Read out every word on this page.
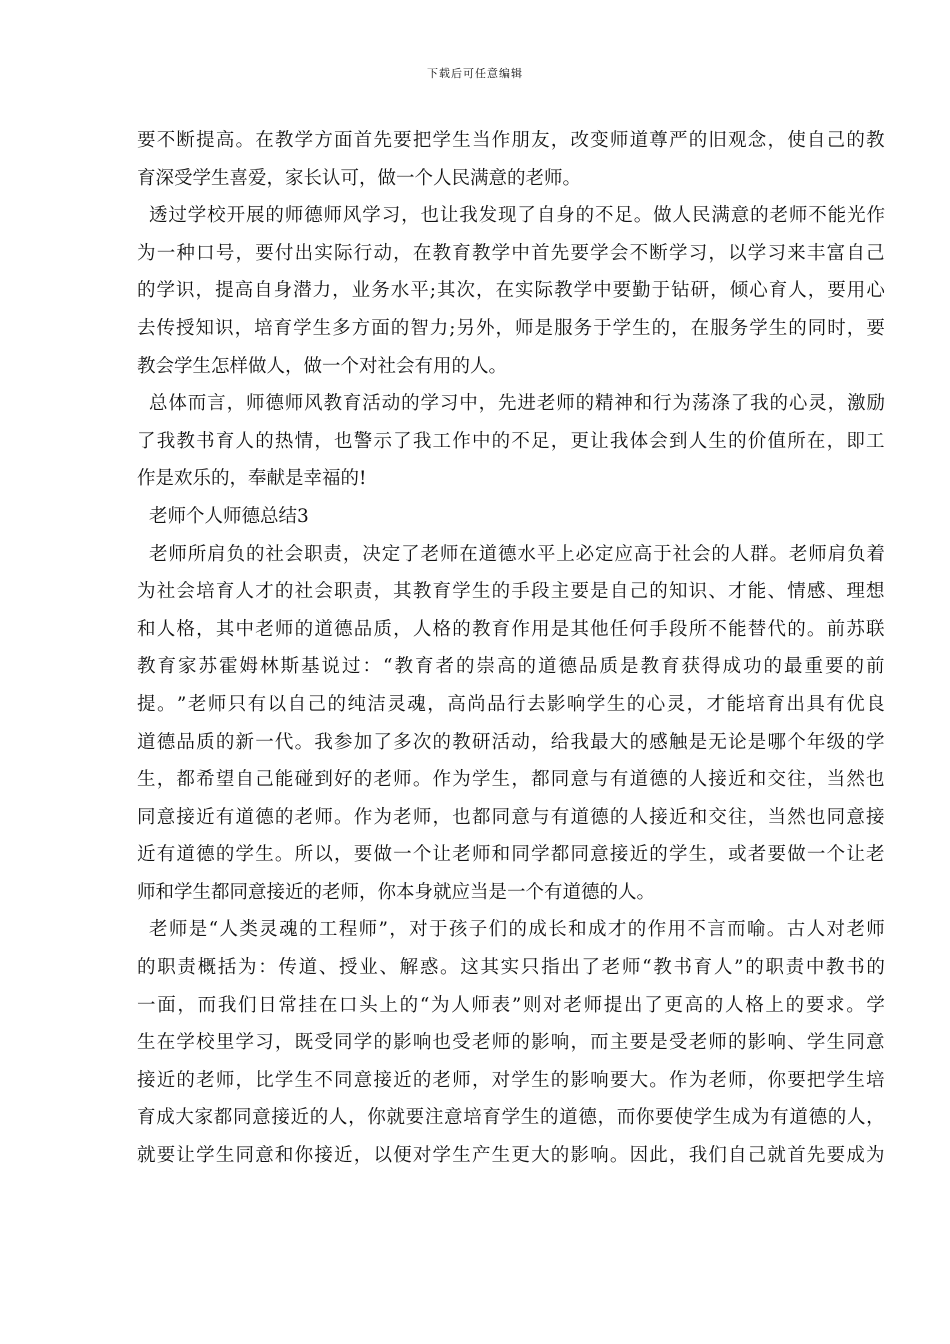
下载后可任意编辑
要 不 断 提 高 。 在 教 学 方 面 首 先 要 把 学 生 当 作 朋 友 ， 改 变 师 道 尊 严 的 旧 观 念 ， 使 自 己 的 教
育深受学生喜爱，家长认可，做一个人民满意的老师。
透 过 学 校 开 展 的 师 德 师 风 学 习 ， 也 让 我 发 现 了 自 身 的 不 足 。 做 人 民 满 意 的 老 师 不 能 光 作
为 一 种 口 号 ， 要 付 出 实 际 行 动 ， 在 教 育 教 学 中 首 先 要 学 会 不 断 学 习 ， 以 学 习 来 丰 富 自 己
的 学 识 ， 提 高 自 身 潜 力 ， 业 务 水 平 ; 其 次 ， 在 实 际 教 学 中 要 勤 于 钻 研 ， 倾 心 育 人 ， 要 用 心
去 传 授 知 识 ， 培 育 学 生 多 方 面 的 智 力 ; 另 外 ， 师 是 服 务 于 学 生 的 ， 在 服 务 学 生 的 同 时 ， 要
教会学生怎样做人，做一个对社会有用的人。
总 体 而 言 ， 师 德 师 风 教 育 活 动 的 学 习 中 ， 先 进 老 师 的 精 神 和 行 为 荡 涤 了 我 的 心 灵 ， 激 励
了 我 教 书 育 人 的 热 情 ， 也 警 示 了 我 工 作 中 的 不 足 ， 更 让 我 体 会 到 人 生 的 价 值 所 在 ， 即 工
作是欢乐的，奉献是幸福的!
老师个人师德总结3
老 师 所 肩 负 的 社 会 职 责 ， 决 定 了 老 师 在 道 德 水 平 上 必 定 应 高 于 社 会 的 人 群 。 老 师 肩 负 着
为 社 会 培 育 人 才 的 社 会 职 责 ， 其 教 育 学 生 的 手 段 主 要 是 自 己 的 知 识 、 才 能 、 情 感 、 理 想
和 人 格 ， 其 中 老 师 的 道 德 品 质 ， 人 格 的 教 育 作 用 是 其 他 任 何 手 段 所 不 能 替 代 的 。 前 苏 联
教 育 家 苏 霍 姆 林 斯 基 说 过 ： “ 教 育 者 的 崇 高 的 道 德 品 质 是 教 育 获 得 成 功 的 最 重 要 的 前
提 。 ” 老 师 只 有 以 自 己 的 纯 洁 灵 魂 ， 高 尚 品 行 去 影 响 学 生 的 心 灵 ， 才 能 培 育 出 具 有 优 良
道 德 品 质 的 新 一 代 。 我 参 加 了 多 次 的 教 研 活 动 ， 给 我 最 大 的 感 触 是 无 论 是 哪 个 年 级 的 学
生 ， 都 希 望 自 己 能 碰 到 好 的 老 师 。 作 为 学 生 ， 都 同 意 与 有 道 德 的 人 接 近 和 交 往 ， 当 然 也
同 意 接 近 有 道 德 的 老 师 。 作 为 老 师 ， 也 都 同 意 与 有 道 德 的 人 接 近 和 交 往 ， 当 然 也 同 意 接
近 有 道 德 的 学 生 。 所 以 ， 要 做 一 个 让 老 师 和 同 学 都 同 意 接 近 的 学 生 ， 或 者 要 做 一 个 让 老
师和学生都同意接近的老师，你本身就应当是一个有道德的人。
老 师 是 “ 人 类 灵 魂 的 工 程 师 ” ， 对 于 孩 子 们 的 成 长 和 成 才 的 作 用 不 言 而 喻 。 古 人 对 老 师
的 职 责 概 括 为 ： 传 道 、 授 业 、 解 惑 。 这 其 实 只 指 出 了 老 师 “ 教 书 育 人 ” 的 职 责 中 教 书 的
一 面 ， 而 我 们 日 常 挂 在 口 头 上 的 “ 为 人 师 表 ” 则 对 老 师 提 出 了 更 高 的 人 格 上 的 要 求 。 学
生 在 学 校 里 学 习 ， 既 受 同 学 的 影 响 也 受 老 师 的 影 响 ， 而 主 要 是 受 老 师 的 影 响 、 学 生 同 意
接 近 的 老 师 ， 比 学 生 不 同 意 接 近 的 老 师 ， 对 学 生 的 影 响 要 大 。 作 为 老 师 ， 你 要 把 学 生 培
育 成 大 家 都 同 意 接 近 的 人 ， 你 就 要 注 意 培 育 学 生 的 道 德 ， 而 你 要 使 学 生 成 为 有 道 德 的 人 ，
就 要 让 学 生 同 意 和 你 接 近 ， 以 便 对 学 生 产 生 更 大 的 影 响 。 因 此 ， 我 们 自 己 就 首 先 要 成 为
